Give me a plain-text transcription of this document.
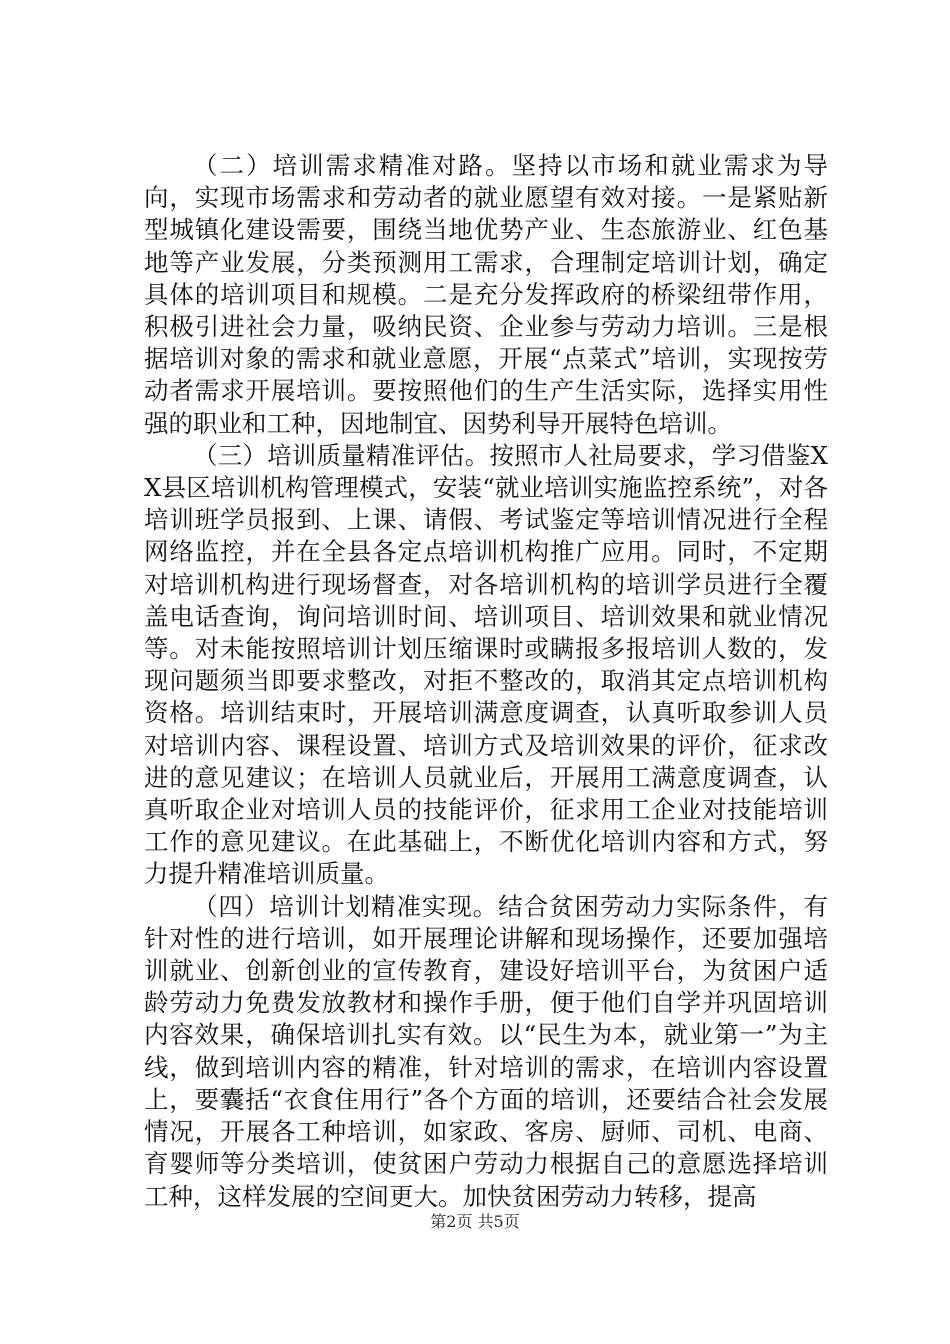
（二）培训需求精准对路。坚持以市场和就业需求为导向，实现市场需求和劳动者的就业愿望有效对接。一是紧贴新型城镇化建设需要，围绕当地优势产业、生态旅游业、红色基地等产业发展，分类预测用工需求，合理制定培训计划，确定具体的培训项目和规模。二是充分发挥政府的桥梁纽带作用，积极引进社会力量，吸纳民资、企业参与劳动力培训。三是根据培训对象的需求和就业意愿，开展“点菜式”培训，实现按劳动者需求开展培训。要按照他们的生产生活实际，选择实用性强的职业和工种，因地制宜、因势利导开展特色培训。

（三）培训质量精准评估。按照市人社局要求，学习借鉴XX县区培训机构管理模式，安装“就业培训实施监控系统”，对各培训班学员报到、上课、请假、考试鉴定等培训情况进行全程网络监控，并在全县各定点培训机构推广应用。同时，不定期对培训机构进行现场督查，对各培训机构的培训学员进行全覆盖电话查询，询问培训时间、培训项目、培训效果和就业情况等。对未能按照培训计划压缩课时或瞒报多报培训人数的，发现问题须当即要求整改，对拒不整改的，取消其定点培训机构资格。培训结束时，开展培训满意度调查，认真听取参训人员对培训内容、课程设置、培训方式及培训效果的评价，征求改进的意见建议；在培训人员就业后，开展用工满意度调查，认真听取企业对培训人员的技能评价，征求用工企业对技能培训工作的意见建议。在此基础上，不断优化培训内容和方式，努力提升精准培训质量。

（四）培训计划精准实现。结合贫困劳动力实际条件，有针对性的进行培训，如开展理论讲解和现场操作，还要加强培训就业、创新创业的宣传教育，建设好培训平台，为贫困户适龄劳动力免费发放教材和操作手册，便于他们自学并巩固培训内容效果，确保培训扎实有效。以“民生为本，就业第一”为主线，做到培训内容的精准，针对培训的需求，在培训内容设置上，要囊括“衣食住用行”各个方面的培训，还要结合社会发展情况，开展各工种培训，如家政、客房、厨师、司机、电商、育婴师等分类培训，使贫困户劳动力根据自己的意愿选择培训工种，这样发展的空间更大。加快贫困劳动力转移，提高

第2页 共5页
